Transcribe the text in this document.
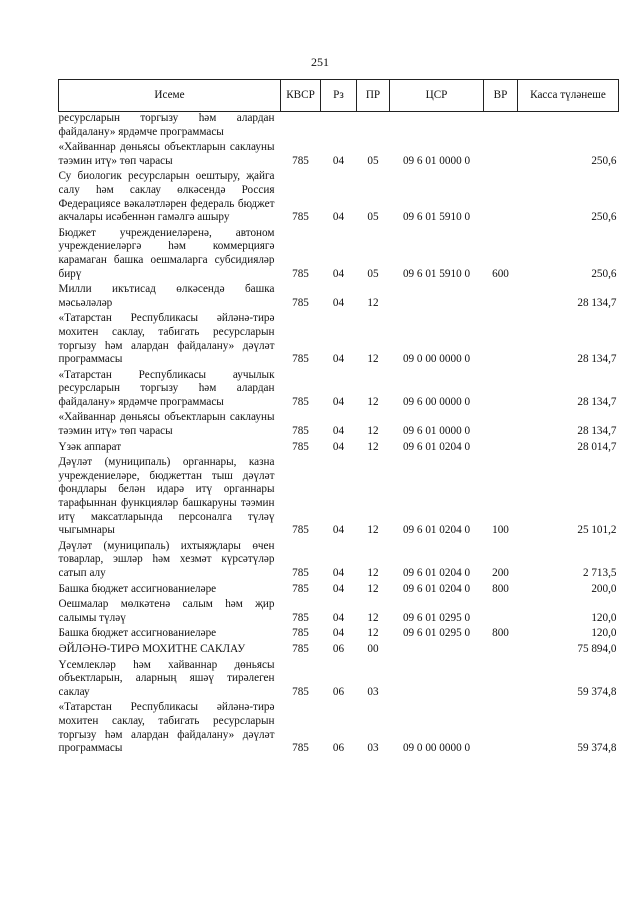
251
Исеме	КВСР	Рз	ПР	ЦСР	ВР	Касса түләнеше
ресурсларын торгызу һәм алардан файдалану» ярдәмче программасы						
«Хайваннар дөньясы объектларын саклауны тәэмин итү» төп чарасы	785	04	05	09 6 01 0000 0		250,6
Су биологик ресурсларын оештыру, җайга салу һәм саклау өлкәсендә Россия Федерациясе вәкаләтләрен федераль бюджет акчалары исәбеннән гамәлгә ашыру	785	04	05	09 6 01 5910 0		250,6
Бюджет учреждениеләренә, автоном учреждениеләргә һәм коммерциягә карамаган башка оешмаларга субсидияләр бирү	785	04	05	09 6 01 5910 0	600	250,6
Милли икътисад өлкәсендә башка мәсьәләләр	785	04	12			28 134,7
«Татарстан Республикасы әйләнә-тирә мохитен саклау, табигать ресурсларын торгызу һәм алардан файдалану» дәүләт программасы	785	04	12	09 0 00 0000 0		28 134,7
«Татарстан Республикасы аучылык ресурсларын торгызу һәм алардан файдалану» ярдәмче программасы	785	04	12	09 6 00 0000 0		28 134,7
«Хайваннар дөньясы объектларын саклауны тәэмин итү» төп чарасы	785	04	12	09 6 01 0000 0		28 134,7
Үзәк аппарат	785	04	12	09 6 01 0204 0		28 014,7
Дәүләт (муниципаль) органнары, казна учреждениеләре, бюджеттан тыш дәүләт фондлары белән идарә итү органнары тарафыннан функцияләр башкаруны тәэмин итү максатларында персоналга түләү чыгымнары	785	04	12	09 6 01 0204 0	100	25 101,2
Дәүләт (муниципаль) ихтыяҗлары өчен товарлар, эшләр һәм хезмәт күрсәтүләр сатып алу	785	04	12	09 6 01 0204 0	200	2 713,5
Башка бюджет ассигнованиеләре	785	04	12	09 6 01 0204 0	800	200,0
Оешмалар мөлкәтенә салым һәм җир салымы түләү	785	04	12	09 6 01 0295 0		120,0
Башка бюджет ассигнованиеләре	785	04	12	09 6 01 0295 0	800	120,0
ӘЙЛӘНӘ-ТИРӘ МОХИТНЕ САКЛАУ	785	06	00			75 894,0
Үсемлекләр һәм хайваннар дөньясы объектларын, аларның яшәү тирәлеген саклау	785	06	03			59 374,8
«Татарстан Республикасы әйләнә-тирә мохитен саклау, табигать ресурсларын торгызу һәм алардан файдалану» дәүләт программасы	785	06	03	09 0 00 0000 0		59 374,8
